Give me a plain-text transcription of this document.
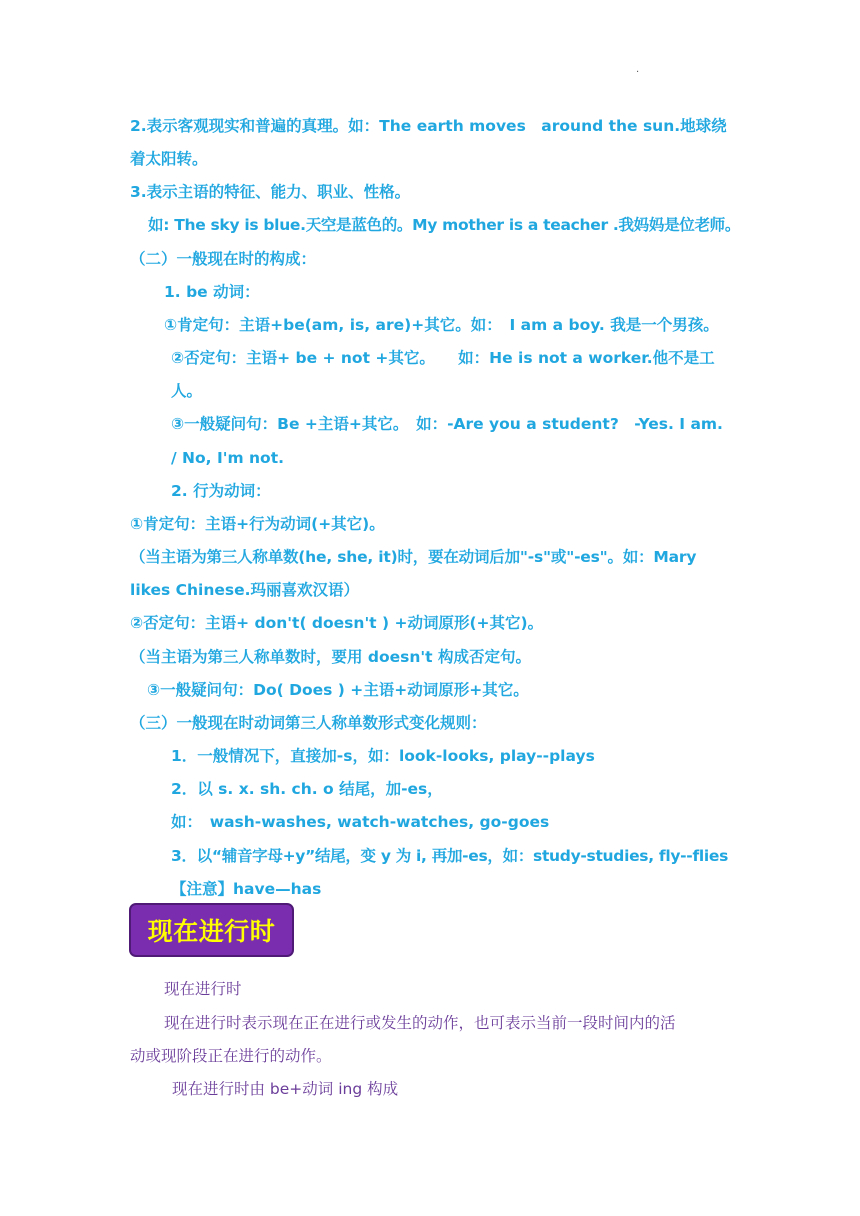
·
2.表示客观现实和普遍的真理。如：The earth moves　around the sun.地球绕
着太阳转。
3.表示主语的特征、能力、职业、性格。
如: The sky is blue.天空是蓝色的。My mother is a teacher .我妈妈是位老师。
（二）一般现在时的构成：
1. be 动词：
①肯定句：主语+be(am, is, are)+其它。如：　I am a boy. 我是一个男孩。
②否定句：主语+ be + not +其它。　　如：He is not a worker.他不是工
人。
③一般疑问句：Be +主语+其它。　如：-Are you a student?　-Yes. I am.
/ No, I'm not.
2. 行为动词：
①肯定句：主语+行为动词(+其它)。
（当主语为第三人称单数(he, she, it)时，要在动词后加"-s"或"-es"。如：Mary
likes Chinese.玛丽喜欢汉语）
②否定句：主语+ don't( doesn't ) +动词原形(+其它)。
（当主语为第三人称单数时，要用 doesn't 构成否定句。
③一般疑问句：Do( Does ) +主语+动词原形+其它。
（三）一般现在时动词第三人称单数形式变化规则：
1．一般情况下，直接加-s，如：look-looks, play--plays
2．以 s. x. sh. ch. o 结尾，加-es，
如：　wash-washes, watch-watches, go-goes
3．以“辅音字母+y”结尾，变 y 为 i, 再加-es，如：study-studies, fly--flies
【注意】have—has
现在进行时
现在进行时
现在进行时表示现在正在进行或发生的动作，也可表示当前一段时间内的活
动或现阶段正在进行的动作。
现在进行时由 be+动词 ing 构成
